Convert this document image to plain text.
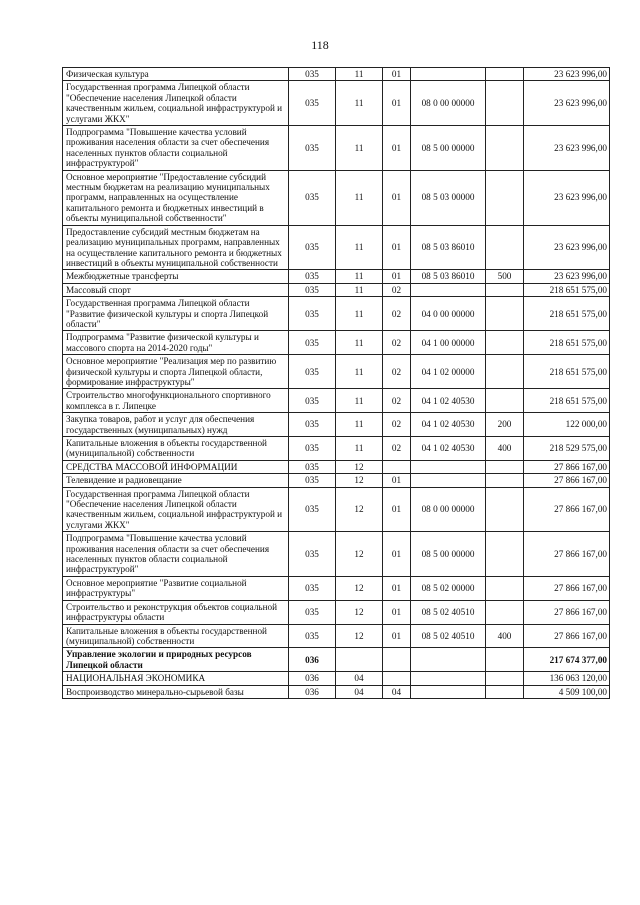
118
Физическая культура	035	11	01			23 623 996,00
Государственная программа Липецкой области "Обеспечение населения Липецкой области качественным жильем, социальной инфраструктурой и услугами ЖКХ"	035	11	01	08 0 00 00000		23 623 996,00
Подпрограмма "Повышение качества условий проживания населения области за счет обеспечения населенных пунктов области социальной инфраструктурой"	035	11	01	08 5 00 00000		23 623 996,00
Основное мероприятие "Предоставление субсидий местным бюджетам на реализацию муниципальных программ, направленных на осуществление капитального ремонта и бюджетных инвестиций в объекты муниципальной собственности"	035	11	01	08 5 03 00000		23 623 996,00
Предоставление субсидий местным бюджетам на реализацию муниципальных программ, направленных на осуществление капитального ремонта и бюджетных инвестиций в объекты муниципальной собственности	035	11	01	08 5 03 86010		23 623 996,00
Межбюджетные трансферты	035	11	01	08 5 03 86010	500	23 623 996,00
Массовый спорт	035	11	02			218 651 575,00
Государственная программа Липецкой области "Развитие физической культуры и спорта Липецкой области"	035	11	02	04 0 00 00000		218 651 575,00
Подпрограмма "Развитие физической культуры и массового спорта на 2014-2020 годы"	035	11	02	04 1 00 00000		218 651 575,00
Основное мероприятие "Реализация мер по развитию физической культуры и спорта Липецкой области, формирование инфраструктуры"	035	11	02	04 1 02 00000		218 651 575,00
Строительство многофункционального спортивного комплекса в г. Липецке	035	11	02	04 1 02 40530		218 651 575,00
Закупка товаров, работ и услуг для обеспечения государственных (муниципальных) нужд	035	11	02	04 1 02 40530	200	122 000,00
Капитальные вложения в объекты государственной (муниципальной) собственности	035	11	02	04 1 02 40530	400	218 529 575,00
СРЕДСТВА МАССОВОЙ ИНФОРМАЦИИ	035	12				27 866 167,00
Телевидение и радиовещание	035	12	01			27 866 167,00
Государственная программа Липецкой области "Обеспечение населения Липецкой области качественным жильем, социальной инфраструктурой и услугами ЖКХ"	035	12	01	08 0 00 00000		27 866 167,00
Подпрограмма "Повышение качества условий проживания населения области за счет обеспечения населенных пунктов области социальной инфраструктурой"	035	12	01	08 5 00 00000		27 866 167,00
Основное мероприятие "Развитие социальной инфраструктуры"	035	12	01	08 5 02 00000		27 866 167,00
Строительство и реконструкция объектов социальной инфраструктуры области	035	12	01	08 5 02 40510		27 866 167,00
Капитальные вложения в объекты государственной (муниципальной) собственности	035	12	01	08 5 02 40510	400	27 866 167,00
Управление экологии и природных ресурсов Липецкой области	036					217 674 377,00
НАЦИОНАЛЬНАЯ ЭКОНОМИКА	036	04				136 063 120,00
Воспроизводство минерально-сырьевой базы	036	04	04			4 509 100,00
